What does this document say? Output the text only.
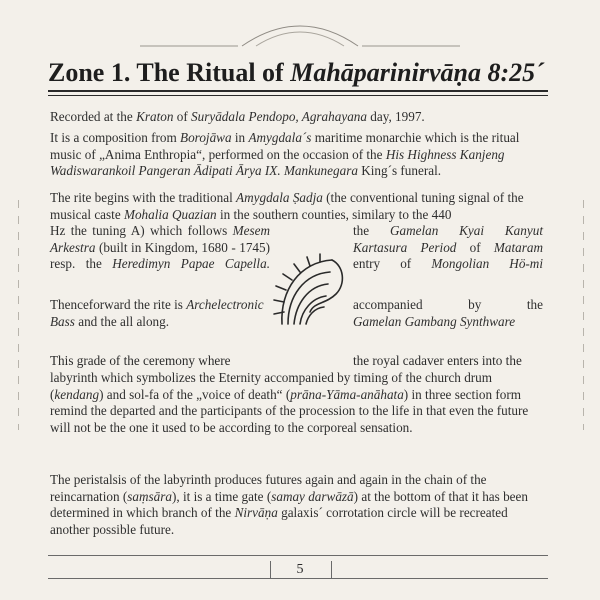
Zone 1. The Ritual of Mahāparinirvāṇa 8:25´
Recorded at the Kraton of Suryādala Pendopo, Agrahayana day, 1997.
It is a composition from Borojāwa in Amygdala´s maritime monarchie which is the ritual music of „Anima Enthropia“, performed on the occasion of the His Highness Kanjeng Wadiswarankoil Pangeran Ādipati Ārya IX. Mankunegara King´s funeral.
The rite begins with the traditional Amygdala Ṣadja (the conventional tuning signal of the musical caste Mohalia Quazian in the southern counties, similary to the 440
Hz the tuning A) which follows Mesem Arkestra (built in Kingdom, 1680 - 1745) resp. the Herediтyn Papae Capella.
the Gamelan Kyai Kanyut Kartasura Period of Mataram entry of Mongolian Hö-mi
Thenceforward the rite is Archelectronic Bass and the all along.
accompanied by the
Gamelan Gambang Synthware
This grade of the ceremony where	the royal cadaver enters into the
labyrinth which symbolizes the Eternity accompanied by timing of the church drum (kendang) and sol-fa of the „voice of death“ (prāna-Yāma-anāhata) in three section form remind the departed and the participants of the procession to the life in that even the future will not be the one it used to be according to the corporeal sensation.
The peristalsis of the labyrinth produces futures again and again in the chain of the reincarnation (saṃsāra), it is a time gate (samay darwāzā) at the bottom of that it has been determined in which branch of the Nirvāṇa galaxis´ corrotation circle will be recreated another possible future.
5
